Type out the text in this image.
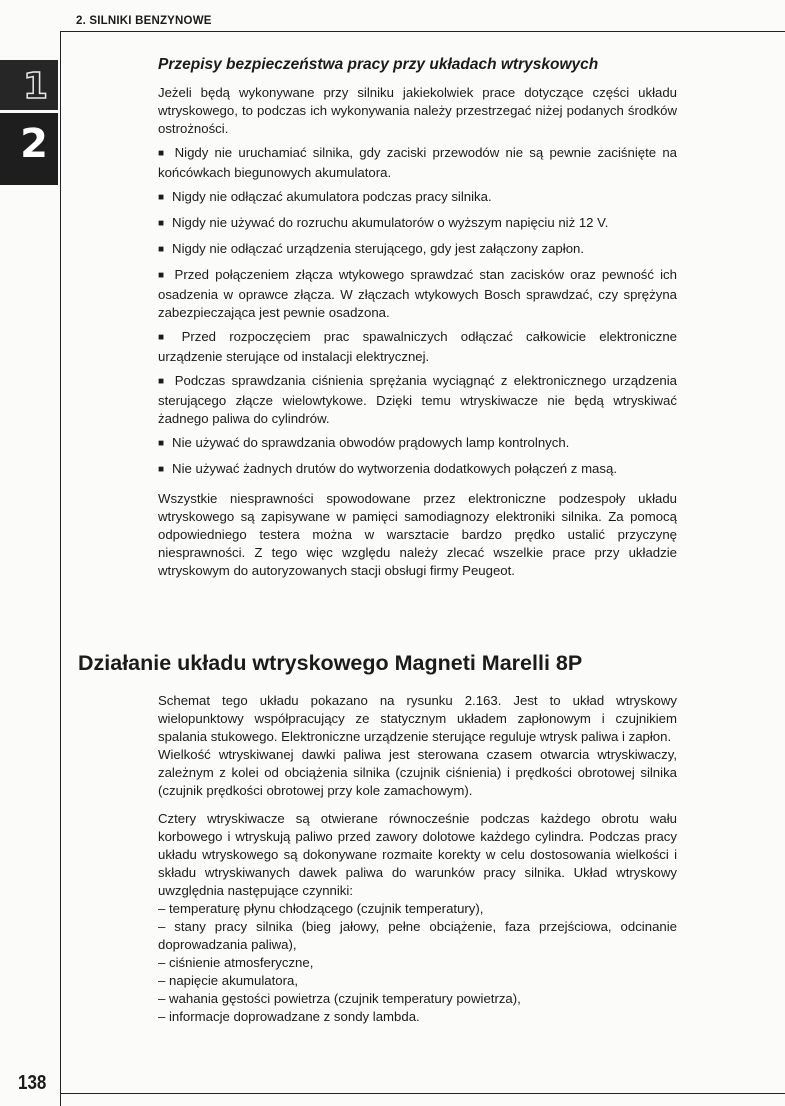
2. SILNIKI BENZYNOWE
1
2
Przepisy bezpieczeństwa pracy przy układach wtryskowych

Jeżeli będą wykonywane przy silniku jakiekolwiek prace dotyczące części układu wtryskowego, to podczas ich wykonywania należy przestrzegać niżej podanych środków ostrożności.

■ Nigdy nie uruchamiać silnika, gdy zaciski przewodów nie są pewnie zaciśnięte na końcówkach biegunowych akumulatora.

■ Nigdy nie odłączać akumulatora podczas pracy silnika.

■ Nigdy nie używać do rozruchu akumulatorów o wyższym napięciu niż 12 V.

■ Nigdy nie odłączać urządzenia sterującego, gdy jest załączony zapłon.

■ Przed połączeniem złącza wtykowego sprawdzać stan zacisków oraz pewność ich osadzenia w oprawce złącza. W złączach wtykowych Bosch sprawdzać, czy sprężyna zabezpieczająca jest pewnie osadzona.

■ Przed rozpoczęciem prac spawalniczych odłączać całkowicie elektroniczne urządzenie sterujące od instalacji elektrycznej.

■ Podczas sprawdzania ciśnienia sprężania wyciągnąć z elektronicznego urządzenia sterującego złącze wielowtykowe. Dzięki temu wtryskiwacze nie będą wtryskiwać żadnego paliwa do cylindrów.

■ Nie używać do sprawdzania obwodów prądowych lamp kontrolnych.

■ Nie używać żadnych drutów do wytworzenia dodatkowych połączeń z masą.

Wszystkie niesprawności spowodowane przez elektroniczne podzespoły układu wtryskowego są zapisywane w pamięci samodiagnozy elektroniki silnika. Za pomocą odpowiedniego testera można w warsztacie bardzo prędko ustalić przyczynę niesprawności. Z tego więc względu należy zlecać wszelkie prace przy układzie wtryskowym do autoryzowanych stacji obsługi firmy Peugeot.

Działanie układu wtryskowego Magneti Marelli 8P

Schemat tego układu pokazano na rysunku 2.163. Jest to układ wtryskowy wielopunktowy współpracujący ze statycznym układem zapłonowym i czujnikiem spalania stukowego. Elektroniczne urządzenie sterujące reguluje wtrysk paliwa i zapłon.

Wielkość wtryskiwanej dawki paliwa jest sterowana czasem otwarcia wtryskiwaczy, zależnym z kolei od obciążenia silnika (czujnik ciśnienia) i prędkości obrotowej silnika (czujnik prędkości obrotowej przy kole zamachowym).

Cztery wtryskiwacze są otwierane równocześnie podczas każdego obrotu wału korbowego i wtryskują paliwo przed zawory dolotowe każdego cylindra. Podczas pracy układu wtryskowego są dokonywane rozmaite korekty w celu dostosowania wielkości i składu wtryskiwanych dawek paliwa do warunków pracy silnika. Układ wtryskowy uwzględnia następujące czynniki:

– temperaturę płynu chłodzącego (czujnik temperatury),
– stany pracy silnika (bieg jałowy, pełne obciążenie, faza przejściowa, odcinanie doprowadzania paliwa),
– ciśnienie atmosferyczne,
– napięcie akumulatora,
– wahania gęstości powietrza (czujnik temperatury powietrza),
– informacje doprowadzane z sondy lambda.
138
